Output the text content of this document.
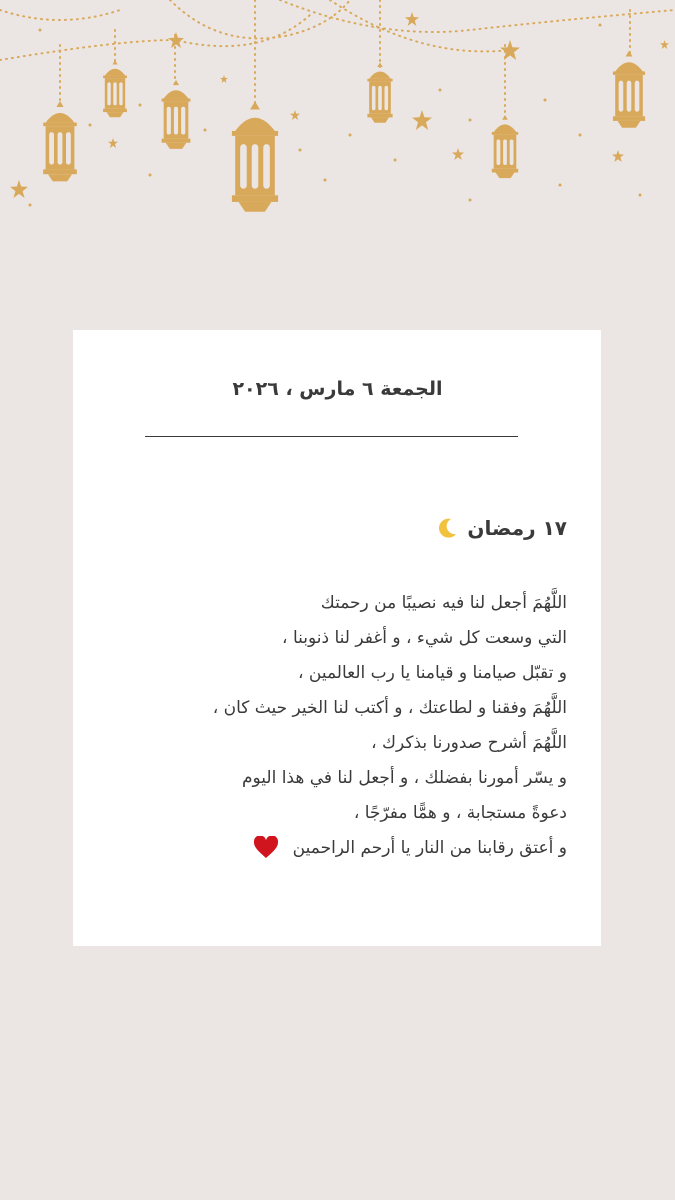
الجمعة ٦ مارس ، ٢٠٢٦
١٧ رمضان
اللَّهُمَ أجعل لنا فيه نصيبًا من رحمتك
التي وسعت كل شيء ، و أغفر لنا ذنوبنا ،
و تقبّل صيامنا و قيامنا يا رب العالمين ،
اللَّهُمَ وفقنا و لطاعتك ، و أكتب لنا الخير حيث كان ،
اللَّهُمَ أشرح صدورنا بذكرك ،
و يسّر أمورنا بفضلك ، و أجعل لنا في هذا اليوم
دعوةً مستجابة ، و همًّا مفرّجًا ،
و أعتق رقابنا من النار يا أرحم الراحمين
